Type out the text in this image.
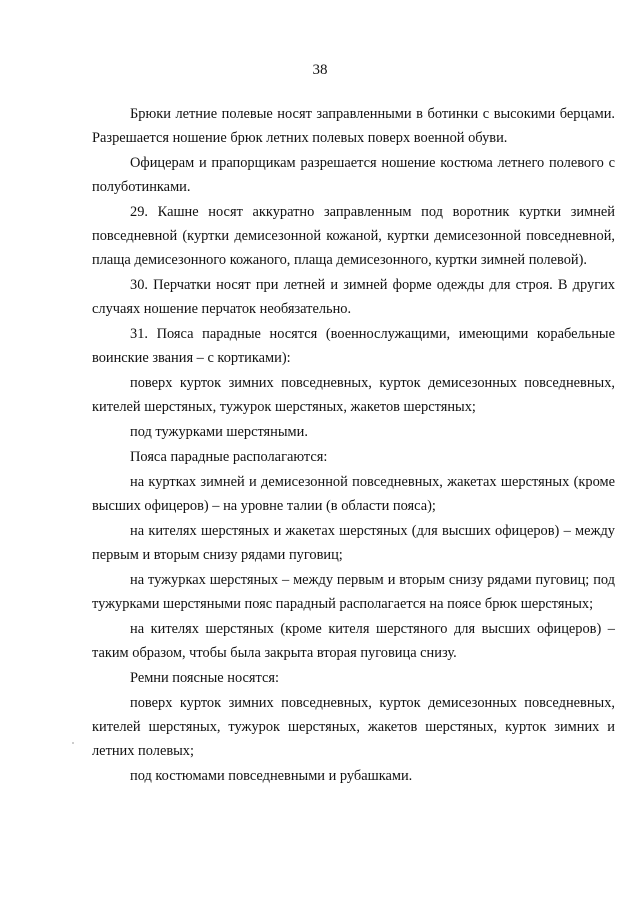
38

Брюки летние полевые носят заправленными в ботинки с высокими берцами. Разрешается ношение брюк летних полевых поверх военной обуви.

Офицерам и прапорщикам разрешается ношение костюма летнего полевого с полуботинками.

29. Кашне носят аккуратно заправленным под воротник куртки зимней повседневной (куртки демисезонной кожаной, куртки демисезонной повседневной, плаща демисезонного кожаного, плаща демисезонного, куртки зимней полевой).

30. Перчатки носят при летней и зимней форме одежды для строя. В других случаях ношение перчаток необязательно.

31. Пояса парадные носятся (военнослужащими, имеющими корабельные воинские звания – с кортиками):

поверх курток зимних повседневных, курток демисезонных повседневных, кителей шерстяных, тужурок шерстяных, жакетов шерстяных;

под тужурками шерстяными.

Пояса парадные располагаются:

на куртках зимней и демисезонной повседневных, жакетах шерстяных (кроме высших офицеров) – на уровне талии (в области пояса);

на кителях шерстяных и жакетах шерстяных (для высших офицеров) – между первым и вторым снизу рядами пуговиц;

на тужурках шерстяных – между первым и вторым снизу рядами пуговиц; под тужурками шерстяными пояс парадный располагается на поясе брюк шерстяных;

на кителях шерстяных (кроме кителя шерстяного для высших офицеров) – таким образом, чтобы была закрыта вторая пуговица снизу.

Ремни поясные носятся:

поверх курток зимних повседневных, курток демисезонных повседневных, кителей шерстяных, тужурок шерстяных, жакетов шерстяных, курток зимних и летних полевых;

под костюмами повседневными и рубашками.
